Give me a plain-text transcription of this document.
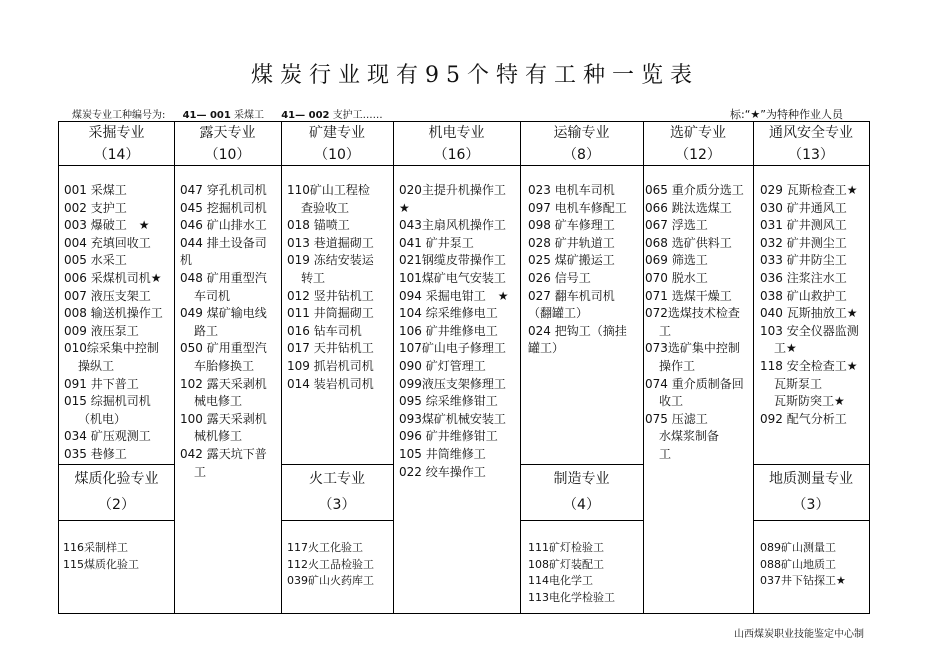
煤炭行业现有95个特有工种一览表
煤炭专业工种编号为: 41— 001 采煤工 41— 002 支护工……	标:“★”为特种作业人员
采掘专业
（14）
露天专业
（10）
矿建专业
（10）
机电专业
（16）
运输专业
（8）
选矿专业
（12）
通风安全专业
（13）
001 采煤工
002 支护工
003 爆破工　★
004 充填回收工
005 水采工
006 采煤机司机★
007 液压支架工
008 输送机操作工
009 液压泵工
010综采集中控制
操纵工
091 井下普工
015 综掘机司机
（机电）
034 矿压观测工
035 巷修工
047 穿孔机司机
045 挖掘机司机
046 矿山排水工
044 排土设备司
机
048 矿用重型汽
车司机
049 煤矿输电线
路工
050 矿用重型汽
车胎修换工
102 露天采剥机
械电修工
100 露天采剥机
械机修工
042 露天坑下普
工
110矿山工程检
查验收工
018 锚喷工
013 巷道掘砌工
019 冻结安装运
转工
012 竖井钻机工
011 井筒掘砌工
016 钻车司机
017 天井钻机工
109 抓岩机司机
014 装岩机司机
020主提升机操作工
★
043主扇风机操作工
041 矿井泵工
021钢缆皮带操作工
101煤矿电气安装工
094 采掘电钳工　★
104 综采维修电工
106 矿井维修电工
107矿山电子修理工
090 矿灯管理工
099液压支架修理工
095 综采维修钳工
093煤矿机械安装工
096 矿井维修钳工
105 井筒维修工
022 绞车操作工
023 电机车司机
097 电机车修配工
098 矿车修理工
028 矿井轨道工
025 煤矿搬运工
026 信号工
027 翻车机司机
（翻罐工）
024 把钩工（摘挂
罐工）
065 重介质分选工
066 跳汰选煤工
067 浮选工
068 选矿供料工
069 筛选工
070 脱水工
071 选煤干燥工
072选煤技术检查
工
073选矿集中控制
操作工
074 重介质制备回
收工
075 压滤工
水煤浆制备
工
029 瓦斯检查工★
030 矿井通风工
031 矿井测风工
032 矿井测尘工
033 矿井防尘工
036 注浆注水工
038 矿山救护工
040 瓦斯抽放工★
103 安全仪器监测
工★
118 安全检查工★
瓦斯泵工
瓦斯防突工★
092 配气分析工
煤质化验专业
（2）
火工专业
（3）
制造专业
（4）
地质测量专业
（3）
116采制样工
115煤质化验工
117火工化验工
112火工品检验工
039矿山火药库工
111矿灯检验工
108矿灯装配工
114电化学工
113电化学检验工
089矿山测量工
088矿山地质工
037井下钻探工★
山西煤炭职业技能鉴定中心制
